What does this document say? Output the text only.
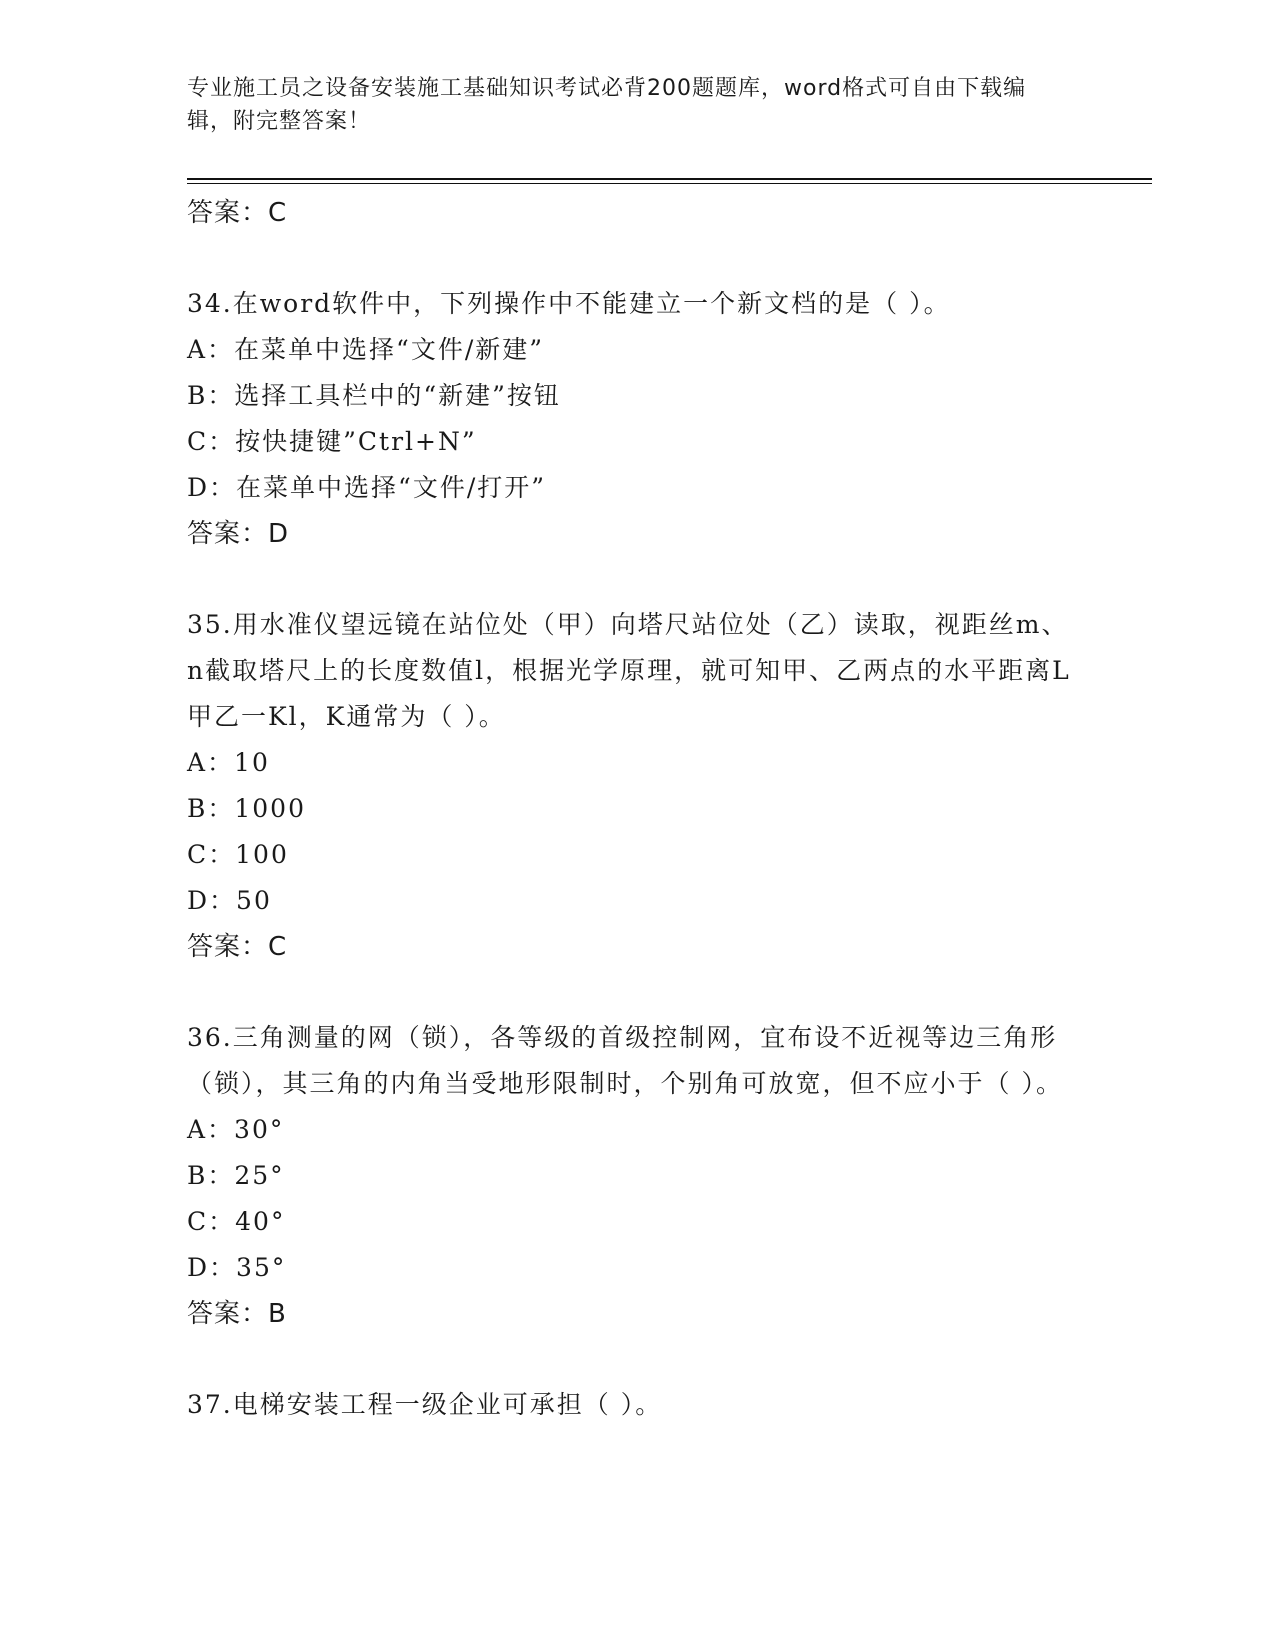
专业施工员之设备安装施工基础知识考试必背200题题库，word格式可自由下载编辑，附完整答案！
答案：C
34.在word软件中，下列操作中不能建立一个新文档的是（ ）。
A：在菜单中选择“文件/新建”
B：选择工具栏中的“新建”按钮
C：按快捷键”Ctrl+N”
D：在菜单中选择“文件/打开”
答案：D
35.用水准仪望远镜在站位处（甲）向塔尺站位处（乙）读取，视距丝m、n截取塔尺上的长度数值l，根据光学原理，就可知甲、乙两点的水平距离L甲乙一Kl，K通常为（ ）。
A：10
B：1000
C：100
D：50
答案：C
36.三角测量的网（锁），各等级的首级控制网，宜布设不近视等边三角形（锁），其三角的内角当受地形限制时，个别角可放宽，但不应小于（ ）。
A：30°
B：25°
C：40°
D：35°
答案：B
37.电梯安装工程一级企业可承担（ ）。
